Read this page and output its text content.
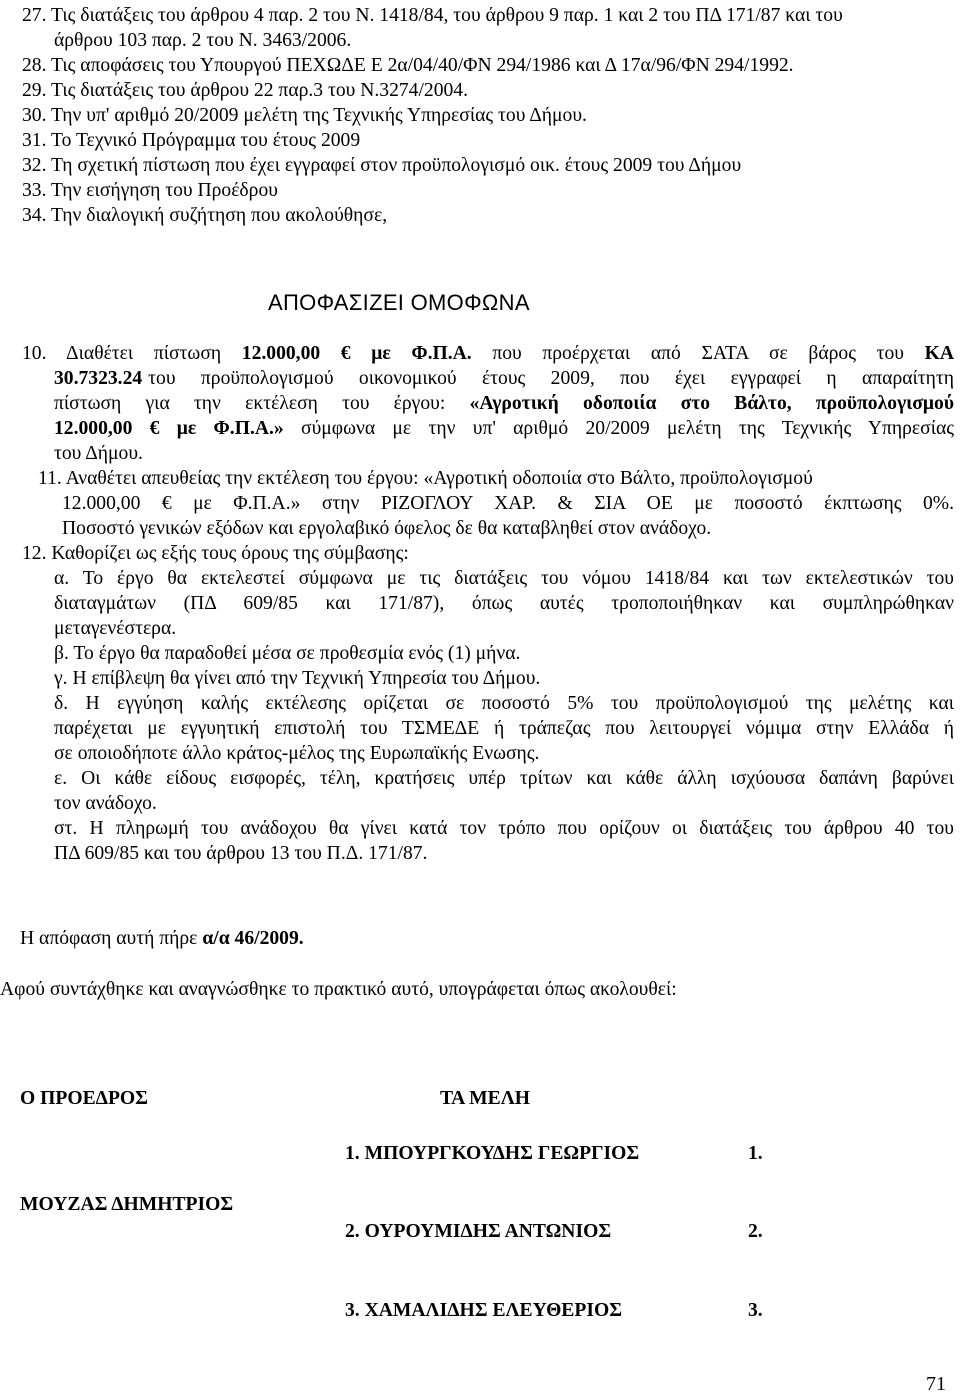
27. Τις διατάξεις του άρθρου 4 παρ. 2 του Ν. 1418/84, του άρθρου 9 παρ. 1 και 2 του ΠΔ 171/87 και του
άρθρου 103 παρ. 2 του Ν. 3463/2006.
28. Τις αποφάσεις του Υπουργού ΠΕΧΩΔΕ Ε 2α/04/40/ΦΝ 294/1986 και Δ 17α/96/ΦΝ 294/1992.
29. Τις διατάξεις του άρθρου 22 παρ.3 του Ν.3274/2004.
30. Την υπ' αριθμό 20/2009 μελέτη της Τεχνικής Υπηρεσίας του Δήμου.
31. Το Τεχνικό Πρόγραμμα του έτους 2009
32. Τη σχετική πίστωση που έχει εγγραφεί στον προϋπολογισμό οικ. έτους 2009 του Δήμου
33. Την εισήγηση του Προέδρου
34. Την διαλογική συζήτηση που ακολούθησε,
ΑΠΟΦΑΣΙΖΕΙ ΟΜΟΦΩΝΑ
10. Διαθέτει πίστωση 12.000,00 € με Φ.Π.Α. που προέρχεται από ΣΑΤΑ σε βάρος του ΚΑ
30.7323.24 του προϋπολογισμού οικονομικού έτους 2009, που έχει εγγραφεί η απαραίτητη
πίστωση για την εκτέλεση του έργου: «Αγροτική οδοποιία στο Βάλτο, προϋπολογισμού
12.000,00 € με Φ.Π.Α.» σύμφωνα με την υπ' αριθμό 20/2009 μελέτη της Τεχνικής Υπηρεσίας
του Δήμου.
11. Αναθέτει απευθείας την εκτέλεση του έργου: «Αγροτική οδοποιία στο Βάλτο, προϋπολογισμού
12.000,00 € με Φ.Π.Α.» στην ΡΙΖΟΓΛΟΥ ΧΑΡ. & ΣΙΑ ΟΕ με ποσοστό έκπτωσης 0%.
Ποσοστό γενικών εξόδων και εργολαβικό όφελος δε θα καταβληθεί στον ανάδοχο.
12. Καθορίζει ως εξής τους όρους της σύμβασης:
α. Το έργο θα εκτελεστεί σύμφωνα με τις διατάξεις του νόμου 1418/84 και των εκτελεστικών του
διαταγμάτων (ΠΔ 609/85 και 171/87), όπως αυτές τροποποιήθηκαν και συμπληρώθηκαν
μεταγενέστερα.
β. Το έργο θα παραδοθεί μέσα σε προθεσμία ενός (1) μήνα.
γ. Η επίβλεψη θα γίνει από την Τεχνική Υπηρεσία του Δήμου.
δ. Η εγγύηση καλής εκτέλεσης ορίζεται σε ποσοστό 5% του προϋπολογισμού της μελέτης και
παρέχεται με εγγυητική επιστολή του ΤΣΜΕΔΕ ή τράπεζας που λειτουργεί νόμιμα στην Ελλάδα ή
σε οποιοδήποτε άλλο κράτος-μέλος της Ευρωπαϊκής Ενωσης.
ε. Οι κάθε είδους εισφορές, τέλη, κρατήσεις υπέρ τρίτων και κάθε άλλη ισχύουσα δαπάνη βαρύνει
τον ανάδοχο.
στ. Η πληρωμή του ανάδοχου θα γίνει κατά τον τρόπο που ορίζουν οι διατάξεις του άρθρου 40 του
ΠΔ 609/85 και του άρθρου 13 του Π.Δ. 171/87.
Η απόφαση αυτή πήρε α/α 46/2009.
Αφού συντάχθηκε και αναγνώσθηκε το πρακτικό αυτό, υπογράφεται όπως ακολουθεί:
Ο ΠΡΟΕΔΡΟΣ	ΤΑ ΜΕΛΗ
1. ΜΠΟΥΡΓΚΟΥΔΗΣ ΓΕΩΡΓΙΟΣ	1.
ΜΟΥΖΑΣ ΔΗΜΗΤΡΙΟΣ
2. ΟΥΡΟΥΜΙΔΗΣ ΑΝΤΩΝΙΟΣ	2.
3. ΧΑΜΑΛΙΔΗΣ ΕΛΕΥΘΕΡΙΟΣ	3.
71
